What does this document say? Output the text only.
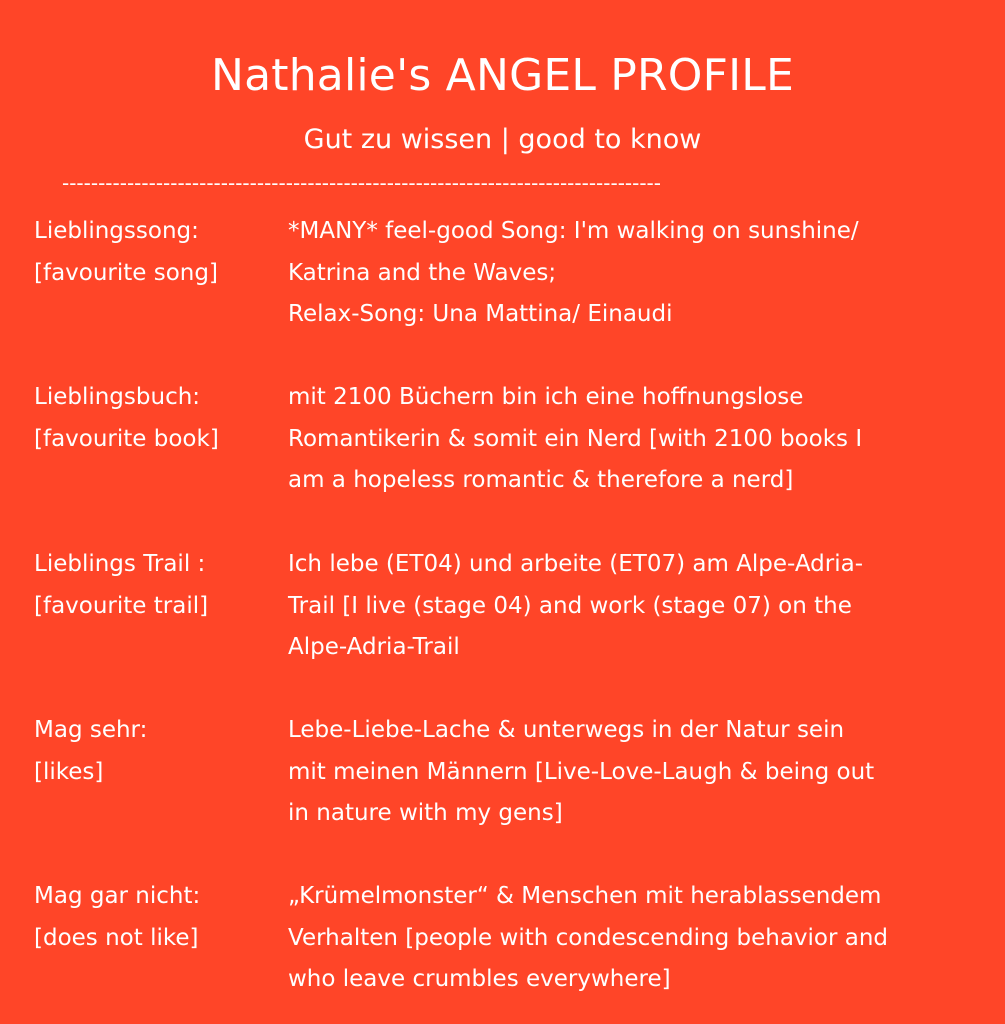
Nathalie's ANGEL PROFILE
Gut zu wissen | good to know
-----------------------------------------------------------------------------------
Lieblingssong:
[favourite song]
*MANY* feel-good Song: I'm walking on sunshine/
Katrina and the Waves;
Relax-Song: Una Mattina/ Einaudi
Lieblingsbuch:
[favourite book]
mit 2100 Büchern bin ich eine hoffnungslose
Romantikerin & somit ein Nerd [with 2100 books I
am a hopeless romantic & therefore a nerd]
Lieblings Trail :
[favourite trail]
Ich lebe (ET04) und arbeite (ET07) am Alpe-Adria-
Trail [I live (stage 04) and work (stage 07) on the
Alpe-Adria-Trail
Mag sehr:
[likes]
Lebe-Liebe-Lache & unterwegs in der Natur sein
mit meinen Männern [Live-Love-Laugh & being out
in nature with my gens]
Mag gar nicht:
[does not like]
„Krümelmonster“ & Menschen mit herablassendem
Verhalten [people with condescending behavior and
who leave crumbles everywhere]
